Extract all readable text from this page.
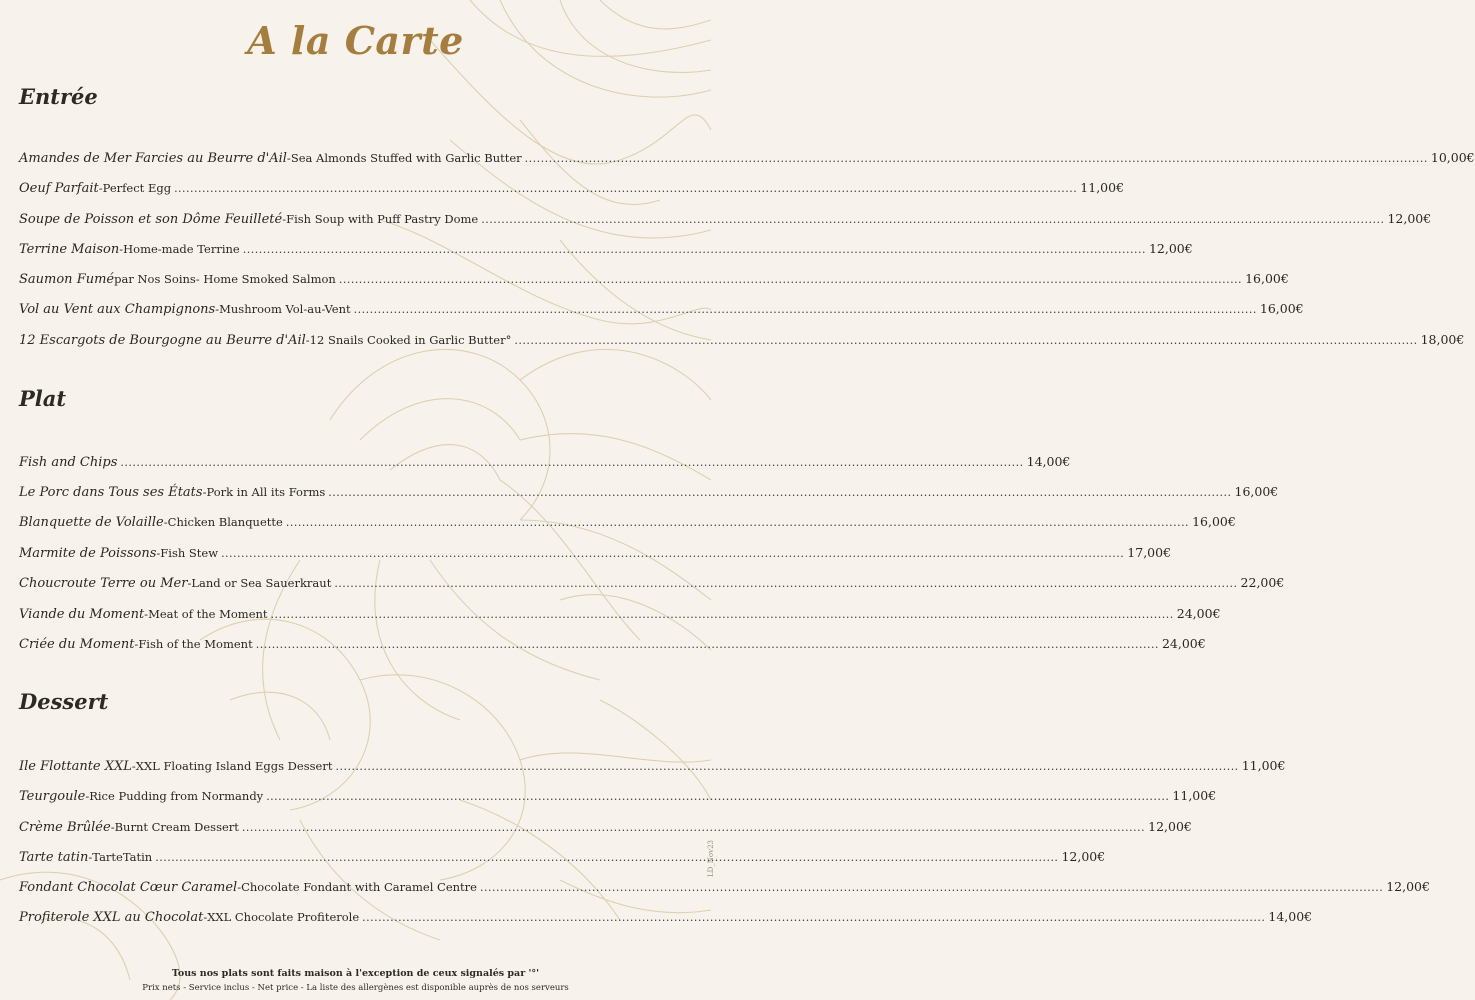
A la Carte
Entrée
Amandes de Mer Farcies au Beurre d'Ail - Sea Almonds Stuffed with Garlic Butter .....	10,00€
Oeuf Parfait - Perfect Egg .....	11,00€
Soupe de Poisson et son Dôme Feuilleté - Fish Soup with Puff Pastry Dome .....	12,00€
Terrine Maison - Home-made Terrine .....	12,00€
Saumon Fumé par Nos Soins- Home Smoked Salmon .....	16,00€
Vol au Vent aux Champignons - Mushroom Vol-au-Vent .....	16,00€
12 Escargots de Bourgogne au Beurre d'Ail - 12 Snails Cooked in Garlic Butter° .....	18,00€
Plat
Fish and Chips .....	14,00€
Le Porc dans Tous ses États - Pork in All its Forms .....	16,00€
Blanquette de Volaille - Chicken Blanquette .....	16,00€
Marmite de Poissons - Fish Stew .....	17,00€
Choucroute Terre ou Mer - Land or Sea Sauerkraut .....	22,00€
Viande du Moment - Meat of the Moment .....	24,00€
Criée du Moment - Fish of the Moment .....	24,00€
Dessert
Ile Flottante XXL - XXL Floating Island Eggs Dessert .....	11,00€
Teurgoule - Rice Pudding from Normandy .....	11,00€
Crème Brûlée - Burnt Cream Dessert .....	12,00€
Tarte tatin - TarteTatin .....	12,00€
Fondant Chocolat Cœur Caramel - Chocolate Fondant with Caramel Centre .....	12,00€
Profiterole XXL au Chocolat - XXL Chocolate Profiterole .....	14,00€
LD_Nov23
Tous nos plats sont faits maison à l'exception de ceux signalés par '°'
Prix nets - Service inclus - Net price - La liste des allergènes est disponible auprès de nos serveurs
